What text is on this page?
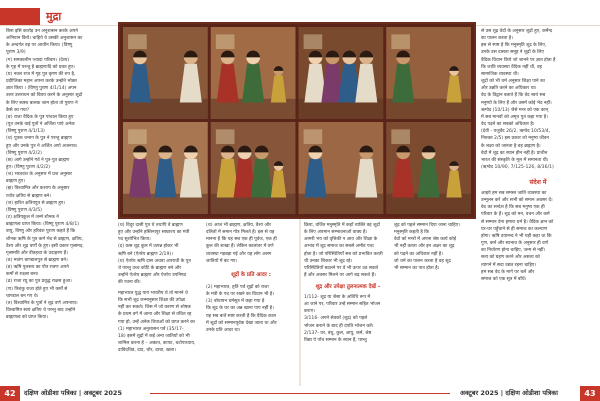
मुद्रा
बिना इसि कारोड़ उन अनुशासन करके अपने
अभियान किये। चाहिये वे उसकी अनुशासन का
के अन्दर्गत वह पर आधीन किया। (विष्णु
पुराण 3/9)
(ग) समकालीन ज्यादा परिवार। (देश्य)
के गृह में परन्तु है ब्राह्मणादि को प्रवत हुए।
(घ) नवल राज में गृह पुत्र कृष्ण की रुप है,
प्रदीप्तिका महान अपना करके उन्होंने भोक्त
ज्ञात किया । (विष्णु पुराण 4/1/14) अपन
उत्तर उत्तराधन को विवय करने के अनुसार शूद्रों
के लिए स्वस्थ बालक जाम होता तो पुराण ने
कैसे का गया?
(ङ) राजा वैदिक के पुत्र पांचाल किया हुए
(पुत्र उनके वाई पुत्रों ने अर्जिता पाये अनेक
(विष्णु पुराण 4/1/13)
(च) पुत्रक जनाग के पुत्र ने परन्तु ब्राह्मण
हुए और उनके पुत्र ने अर्जित अर्पा अजनाथ।
(विष्णु पुराण 4/2/2)
(छ) आगे उन्होंने गर्व ने पुत्र-पुत्र ब्राह्मण
हुए। (विष्णु पुराण 4/2/2)
(ज) भरतवंश के अनुसार में प्रज अनुसार
ब्राह्मण हुए।
(झ) विश्वामित्र और कश्यप के अनुसार
रथोत्र क्षत्रिय से ब्राह्मण बने।
(ञ) हारित क्षत्रियपुत्र से ब्राह्मण हुए।
(विष्णु पुराण 4/3/5)
(ट) क्षत्रियकुल में जन्मे शौनक ने
ब्राह्मणत्व प्राप्त किया। (विष्णु पुराण 4/8/1)
वायु, विष्णु और हरिवंश पुराण कहते हैं कि
शौनक ऋषि के पुत्र कर्म भेद से ब्राह्मण, क्षत्रिय,
वैश्य और शूद्र वर्णों के हुए। इसी प्रकार गृत्समद,
गृत्समति और वीतहव्य के उदाहरण हैं।
(ठ) मातंग चाण्डालपुत्र से ब्राह्मण बने।
(ड) ऋषि पुलस्त्य का पौत्र रावण अपने
कर्मों से राक्षस बना।
(ढ) राजा रघु का पुत्र प्रवृद्ध राक्षस हुआ।
(ण) त्रिशंकु राजा होते हुए भी कर्मों से
चाण्डाल बन गए थे।
(त) विश्वामित्र के पुत्रों ने शूद्र वर्ण अपनाया।
विश्वामित्र स्वयं क्षत्रिय थे परन्तु बाद उन्होंने
ब्राह्मणत्व को प्राप्त किया।
(थ) विदुर दासी पुत्र थे तथापि वे ब्राह्मण
हुए और उन्होंने हस्तिनापुर साम्राज्य का मंत्री
पद सुशोभित किया।
(द) वत्स शूद्र कुल में उत्पन्न होकर भी
ऋषि बने (ऐतरेय ब्राह्मण 2/19)।
(ध) ऐतरेय ऋषि दास अथवा अपराधी के पुत्र
थे परन्तु उच्च कोटि के ब्राह्मण बने और
उन्होंने ऐतरेय ब्राह्मण और ऐतरेय उपनिषद
की रचना की।
(थ) आज भी ब्राह्मण, क्षत्रिय, वैश्य और
दलितों में समान गोत्र मिलते हैं। इस से यह
मानना है कि यह सब एक ही पूर्वज, एक ही
कुल की शाखा हैं। लेकिन कालांतर में वर्ण
व्यवस्था गड़बड़ा गई और यह लोग अलग
जातियों में बंट गए।
शूद्रों के प्रति आदर :
महाभारत युद्ध याय भारतीय थे तो मानने थे
कि सभी शूद्र जन्मानुसार शिक्षा की उपेक्षा
नहीं कर सकते। जिस में जो कारण से शोषक
के प्रथम वर्ग में आना और शिक्षा से वंचित रह
गया हो, उन्हें अनेक विधाओं को प्राप्त करने का
(1) महाभारत अनुशासन पर्व (35/17-
18) इसमें शूद्रों में कई अन्य जातियों को भी
शामिल करना है – अकात, कापट, चटोपाध्याय,
दाविदचिड, दाद, चौर, दरवा, खशा।
(2) महाभारत, हृति पर्व शूद्रों को राजा
के मंत्री के पद पर रखने का विधान भी है।
(3) बोधायन धर्मसूत्र में कहा गया है
कि शूद्र के घर का अन्न खाना पाप नहीं है।
यह सब बातें स्पष्ट करती हैं कि वैदिक काल
में शूद्रों को सम्मानपूर्वक देखा जाता था और
उनके प्रति आदर था।
क्रिया, वर्जित मनुस्मृति में कहाँ व्यक्ति वह शूद्रों
के लिए अपमान सम्भावनाओं वाक्य है।
आमरी भय को वृत्तिकी न आय और शिक्षा के
अभाव में शूद्र समाज का सबसे अमौव पचा
होता है। जो परिस्थितियाँ सब को प्रभावित करती
थी उनका शिकार भी शूद्र रहे।
परिस्थितियाँ बदलने पर वे भी ऊपर उठ सकते
हैं और अवसर मिलने पर आगे बढ़ सकते हैं।
शूद्र और उपेक्षा तुलनात्मक देखें –
1/112- शूद्र या जैसा के अतिथि रूप में
आ जाने पर, परिवार उन्हें सम्मान सहित भोजन
कराए।
3/116- अपने सेवकों (शूद्र) को पहले
भोजन कराने के बाद ही दंपति भोजन करें।
2/137- घर, बंधु, कुल, आयु, कर्म, श्रेष्ठ
विद्या ये पाँच सम्मान के स्थान हैं, परन्तु
शूद्र को पहले सम्मान दिया जाना चाहिए।
मनुस्मृति कहती है कि
वेदों को मन्त्रों में अपना श्रेष्ठ कार्य कोई
भी नहीं करता और इन अक्षर का शूद्र
को पढ़ने का अधिकार नहीं है।
जो धर्म का पालन करता है वह शूद्र
भी सम्मान का पात्र होता है।
से उस शूद्र वेदों के अनुसार शूद्रों हुए, कर्मेन्द
का पालन करता है।
इस से स्पष्ट है कि मनुस्मृति शूद्र के लिए,
उनके उस दासता समूह ने शूद्रों के लिए
वैदिक विधान किये जो जानने पर ज्ञात होता है
कि जाति व्यवस्था वैदिक नहीं थी, वह
सामाजिक व्यवस्था थी।
शूद्रों को भी धर्म अनुसार शिक्षा पाने का
और उन्नति करने का अधिकार था।
वेद के विद्वान बताते हैं कि वेद स्वयं सब
मनुष्यों के लिए हैं और उसमें कोई भेद नहीं।
ऋग्वेद (10/13) जैसे मन्त्र को एक कान्
में सब मानवों को अमृत पुत्र कहा गया है।
वेद पढ़ने का सबको अधिकार है।
(देवी - यजुर्वेद 26/2, ऋग्वेद 10/53/4,
निरुक्त 2/5) इस प्रकार जो मनुष्य जीवन
के लक्ष्य को जानता है वह ब्राह्मण है।
वेदों में शूद्र का स्थान हीन नहीं है। प्राचीन
भारत की संस्कृति के मूल में समानता थी।
(ऋग्वेद 10/90, 7/125-126, 8/36/1)
संदेश में
आइये हम सब समस्त जाति व्यवस्था का
उन्मूलन करें और सभी को समान अवसर दें।
वेद का सन्देश है कि सब मनुष्य एक ही
परिवार के हैं। शूद्र को मन, वचन और कर्म
से सम्मान देना हमारा धर्म है। वैदिक ज्ञान को
घर-घर पहुँचाने से ही समाज का कल्याण
होगा। ऋषि दयानन्द ने भी यही कहा था कि
गुण, कर्म और स्वभाव के अनुसार ही वर्ण
का निर्धारण होना चाहिए, जन्म से नहीं।
सत्य को ग्रहण करने और असत्य को
त्यागने में सदा उद्यत रहना चाहिए।
हम सब वेद के मार्ग पर चलें और
समाज को एक सूत्र में बाँधें।
42	दक्षिण ओडीशा पत्रिका | अक्टूबर 2025	अक्टूबर 2025 | दक्षिण ओडीशा पत्रिका	43
